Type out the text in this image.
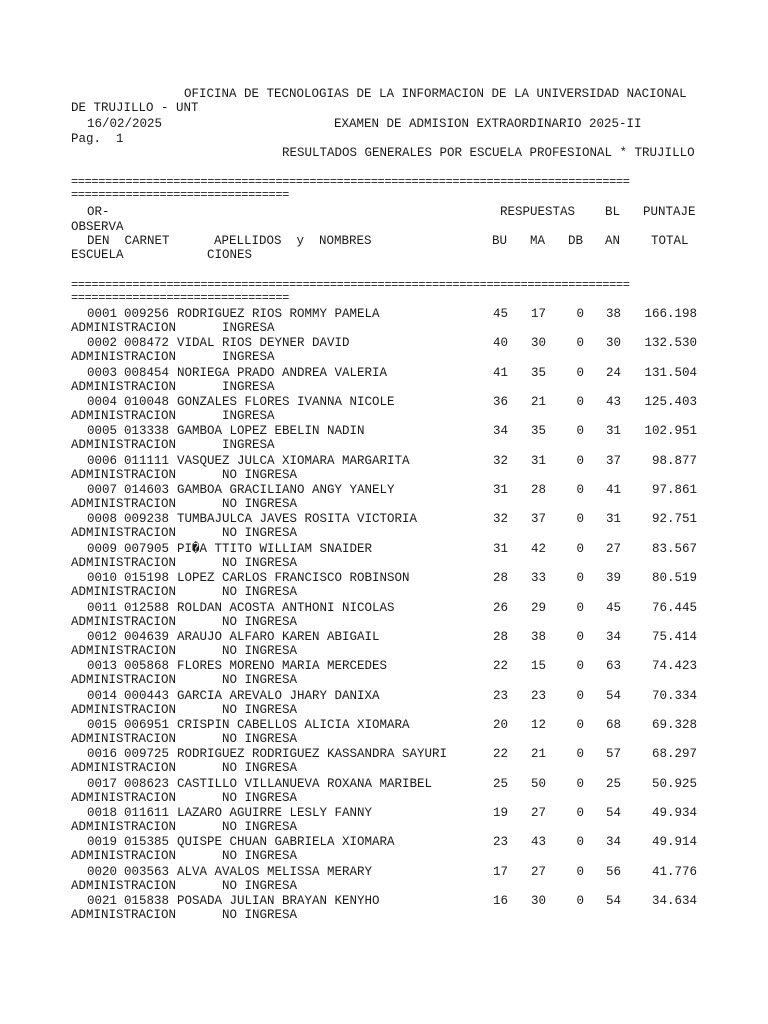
OFICINA DE TECNOLOGIAS DE LA INFORMACION DE LA UNIVERSIDAD NACIONAL
DE TRUJILLO - UNT
16/02/2025	EXAMEN DE ADMISION EXTRAORDINARIO 2025-II
Pag.  1
RESULTADOS GENERALES POR ESCUELA PROFESIONAL * TRUJILLO
==================================================================================
================================
OR-	RESPUESTAS BL PUNTAJE
OBSERVA
DEN  CARNET	APELLIDOS  y  NOMBRES	BU MA DB AN TOTAL
ESCUELA	CIONES
==================================================================================
================================
0001 009256 RODRIGUEZ RIOS ROMMY PAMELA	45 17 0 38 166.198
ADMINISTRACION	INGRESA
0002 008472 VIDAL RIOS DEYNER DAVID	40 30 0 30 132.530
ADMINISTRACION	INGRESA
0003 008454 NORIEGA PRADO ANDREA VALERIA	41 35 0 24 131.504
ADMINISTRACION	INGRESA
0004 010048 GONZALES FLORES IVANNA NICOLE	36 21 0 43 125.403
ADMINISTRACION	INGRESA
0005 013338 GAMBOA LOPEZ EBELIN NADIN	34 35 0 31 102.951
ADMINISTRACION	INGRESA
0006 011111 VASQUEZ JULCA XIOMARA MARGARITA	32 31 0 37 98.877
ADMINISTRACION	NO INGRESA
0007 014603 GAMBOA GRACILIANO ANGY YANELY	31 28 0 41 97.861
ADMINISTRACION	NO INGRESA
0008 009238 TUMBAJULCA JAVES ROSITA VICTORIA	32 37 0 31 92.751
ADMINISTRACION	NO INGRESA
0009 007905 PI�A TTITO WILLIAM SNAIDER	31 42 0 27 83.567
ADMINISTRACION	NO INGRESA
0010 015198 LOPEZ CARLOS FRANCISCO ROBINSON	28 33 0 39 80.519
ADMINISTRACION	NO INGRESA
0011 012588 ROLDAN ACOSTA ANTHONI NICOLAS	26 29 0 45 76.445
ADMINISTRACION	NO INGRESA
0012 004639 ARAUJO ALFARO KAREN ABIGAIL	28 38 0 34 75.414
ADMINISTRACION	NO INGRESA
0013 005868 FLORES MORENO MARIA MERCEDES	22 15 0 63 74.423
ADMINISTRACION	NO INGRESA
0014 000443 GARCIA AREVALO JHARY DANIXA	23 23 0 54 70.334
ADMINISTRACION	NO INGRESA
0015 006951 CRISPIN CABELLOS ALICIA XIOMARA	20 12 0 68 69.328
ADMINISTRACION	NO INGRESA
0016 009725 RODRIGUEZ RODRIGUEZ KASSANDRA SAYURI	22 21 0 57 68.297
ADMINISTRACION	NO INGRESA
0017 008623 CASTILLO VILLANUEVA ROXANA MARIBEL	25 50 0 25 50.925
ADMINISTRACION	NO INGRESA
0018 011611 LAZARO AGUIRRE LESLY FANNY	19 27 0 54 49.934
ADMINISTRACION	NO INGRESA
0019 015385 QUISPE CHUAN GABRIELA XIOMARA	23 43 0 34 49.914
ADMINISTRACION	NO INGRESA
0020 003563 ALVA AVALOS MELISSA MERARY	17 27 0 56 41.776
ADMINISTRACION	NO INGRESA
0021 015838 POSADA JULIAN BRAYAN KENYHO	16 30 0 54 34.634
ADMINISTRACION	NO INGRESA
